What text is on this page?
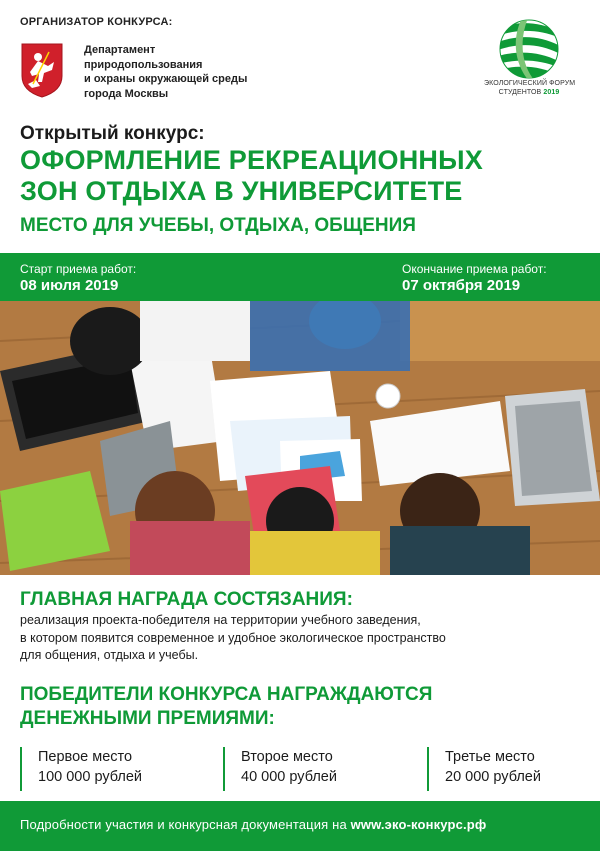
ОРГАНИЗАТОР КОНКУРСА:
Департамент
природопользования
и охраны окружающей среды
города Москвы
ЭКОЛОГИЧЕСКИЙ ФОРУМ
СТУДЕНТОВ 2019
Открытый конкурс:
ОФОРМЛЕНИЕ РЕКРЕАЦИОННЫХ
ЗОН ОТДЫХА В УНИВЕРСИТЕТЕ
МЕСТО ДЛЯ УЧЕБЫ, ОТДЫХА, ОБЩЕНИЯ
Старт приема работ:
08 июля 2019
Окончание приема работ:
07 октября 2019
ГЛАВНАЯ НАГРАДА СОСТЯЗАНИЯ:
реализация проекта-победителя на территории учебного заведения,
в котором появится современное и удобное экологическое пространство
для общения, отдыха и учебы.
ПОБЕДИТЕЛИ КОНКУРСА НАГРАЖДАЮТСЯ
ДЕНЕЖНЫМИ ПРЕМИЯМИ:
Первое место
100 000 рублей
Второе место
40 000 рублей
Третье место
20 000 рублей
Подробности участия и конкурсная документация на www.эко-конкурс.рф
